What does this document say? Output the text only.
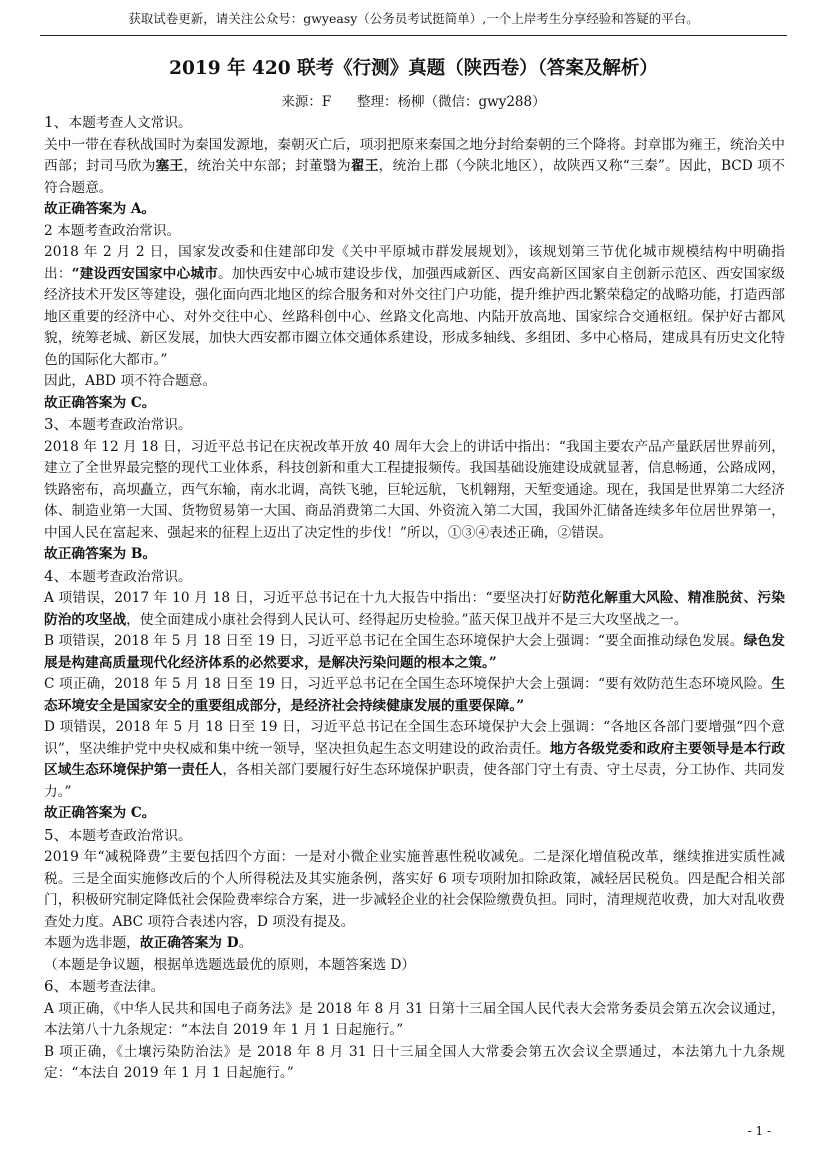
获取试卷更新，请关注公众号：gwyeasy（公务员考试挺简单）,一个上岸考生分享经验和答疑的平台。
2019 年 420 联考《行测》真题（陕西卷）（答案及解析）
来源：F 整理：杨柳（微信：gwy288）

1、本题考查人文常识。

关中一带在春秋战国时为秦国发源地，秦朝灭亡后，项羽把原来秦国之地分封给秦朝的三个降将。封章邯为雍王，统治关中西部；封司马欣为塞王，统治关中东部；封董翳为翟王，统治上郡（今陕北地区），故陕西又称“三秦”。因此，BCD 项不符合题意。

故正确答案为 A。

2 本题考查政治常识。

2018 年 2 月 2 日，国家发改委和住建部印发《关中平原城市群发展规划》，该规划第三节优化城市规模结构中明确指出：“建设西安国家中心城市。加快西安中心城市建设步伐，加强西咸新区、西安高新区国家自主创新示范区、西安国家级经济技术开发区等建设，强化面向西北地区的综合服务和对外交往门户功能，提升维护西北繁荣稳定的战略功能，打造西部地区重要的经济中心、对外交往中心、丝路科创中心、丝路文化高地、内陆开放高地、国家综合交通枢纽。保护好古都风貌，统筹老城、新区发展，加快大西安都市圈立体交通体系建设，形成多轴线、多组团、多中心格局，建成具有历史文化特色的国际化大都市。”

因此，ABD 项不符合题意。

故正确答案为 C。

3、本题考查政治常识。

2018 年 12 月 18 日，习近平总书记在庆祝改革开放 40 周年大会上的讲话中指出：“我国主要农产品产量跃居世界前列，建立了全世界最完整的现代工业体系，科技创新和重大工程捷报频传。我国基础设施建设成就显著，信息畅通，公路成网，铁路密布，高坝矗立，西气东输，南水北调，高铁飞驰，巨轮远航，飞机翱翔，天堑变通途。现在，我国是世界第二大经济体、制造业第一大国、货物贸易第一大国、商品消费第二大国、外资流入第二大国，我国外汇储备连续多年位居世界第一，中国人民在富起来、强起来的征程上迈出了决定性的步伐！”所以，①③④表述正确，②错误。

故正确答案为 B。

4、本题考查政治常识。

A 项错误，2017 年 10 月 18 日，习近平总书记在十九大报告中指出：“要坚决打好防范化解重大风险、精准脱贫、污染防治的攻坚战，使全面建成小康社会得到人民认可、经得起历史检验。”蓝天保卫战并不是三大攻坚战之一。

B 项错误，2018 年 5 月 18 日至 19 日，习近平总书记在全国生态环境保护大会上强调：“要全面推动绿色发展。绿色发展是构建高质量现代化经济体系的必然要求，是解决污染问题的根本之策。”

C 项正确，2018 年 5 月 18 日至 19 日，习近平总书记在全国生态环境保护大会上强调：“要有效防范生态环境风险。生态环境安全是国家安全的重要组成部分，是经济社会持续健康发展的重要保障。”

D 项错误，2018 年 5 月 18 日至 19 日，习近平总书记在全国生态环境保护大会上强调：“各地区各部门要增强“四个意识”，坚决维护党中央权威和集中统一领导，坚决担负起生态文明建设的政治责任。地方各级党委和政府主要领导是本行政区域生态环境保护第一责任人，各相关部门要履行好生态环境保护职责，使各部门守土有责、守土尽责，分工协作、共同发力。”

故正确答案为 C。

5、本题考查政治常识。

2019 年“减税降费”主要包括四个方面：一是对小微企业实施普惠性税收减免。二是深化增值税改革，继续推进实质性减税。三是全面实施修改后的个人所得税法及其实施条例，落实好 6 项专项附加扣除政策，减轻居民税负。四是配合相关部门，积极研究制定降低社会保险费率综合方案，进一步减轻企业的社会保险缴费负担。同时，清理规范收费，加大对乱收费查处力度。ABC 项符合表述内容，D 项没有提及。

本题为选非题，故正确答案为 D。

（本题是争议题，根据单选题选最优的原则，本题答案选 D）

6、本题考查法律。

A 项正确，《中华人民共和国电子商务法》是 2018 年 8 月 31 日第十三届全国人民代表大会常务委员会第五次会议通过，本法第八十九条规定：“本法自 2019 年 1 月 1 日起施行。”

B 项正确，《土壤污染防治法》是 2018 年 8 月 31 日十三届全国人大常委会第五次会议全票通过，本法第九十九条规定：“本法自 2019 年 1 月 1 日起施行。”

- 1 -
